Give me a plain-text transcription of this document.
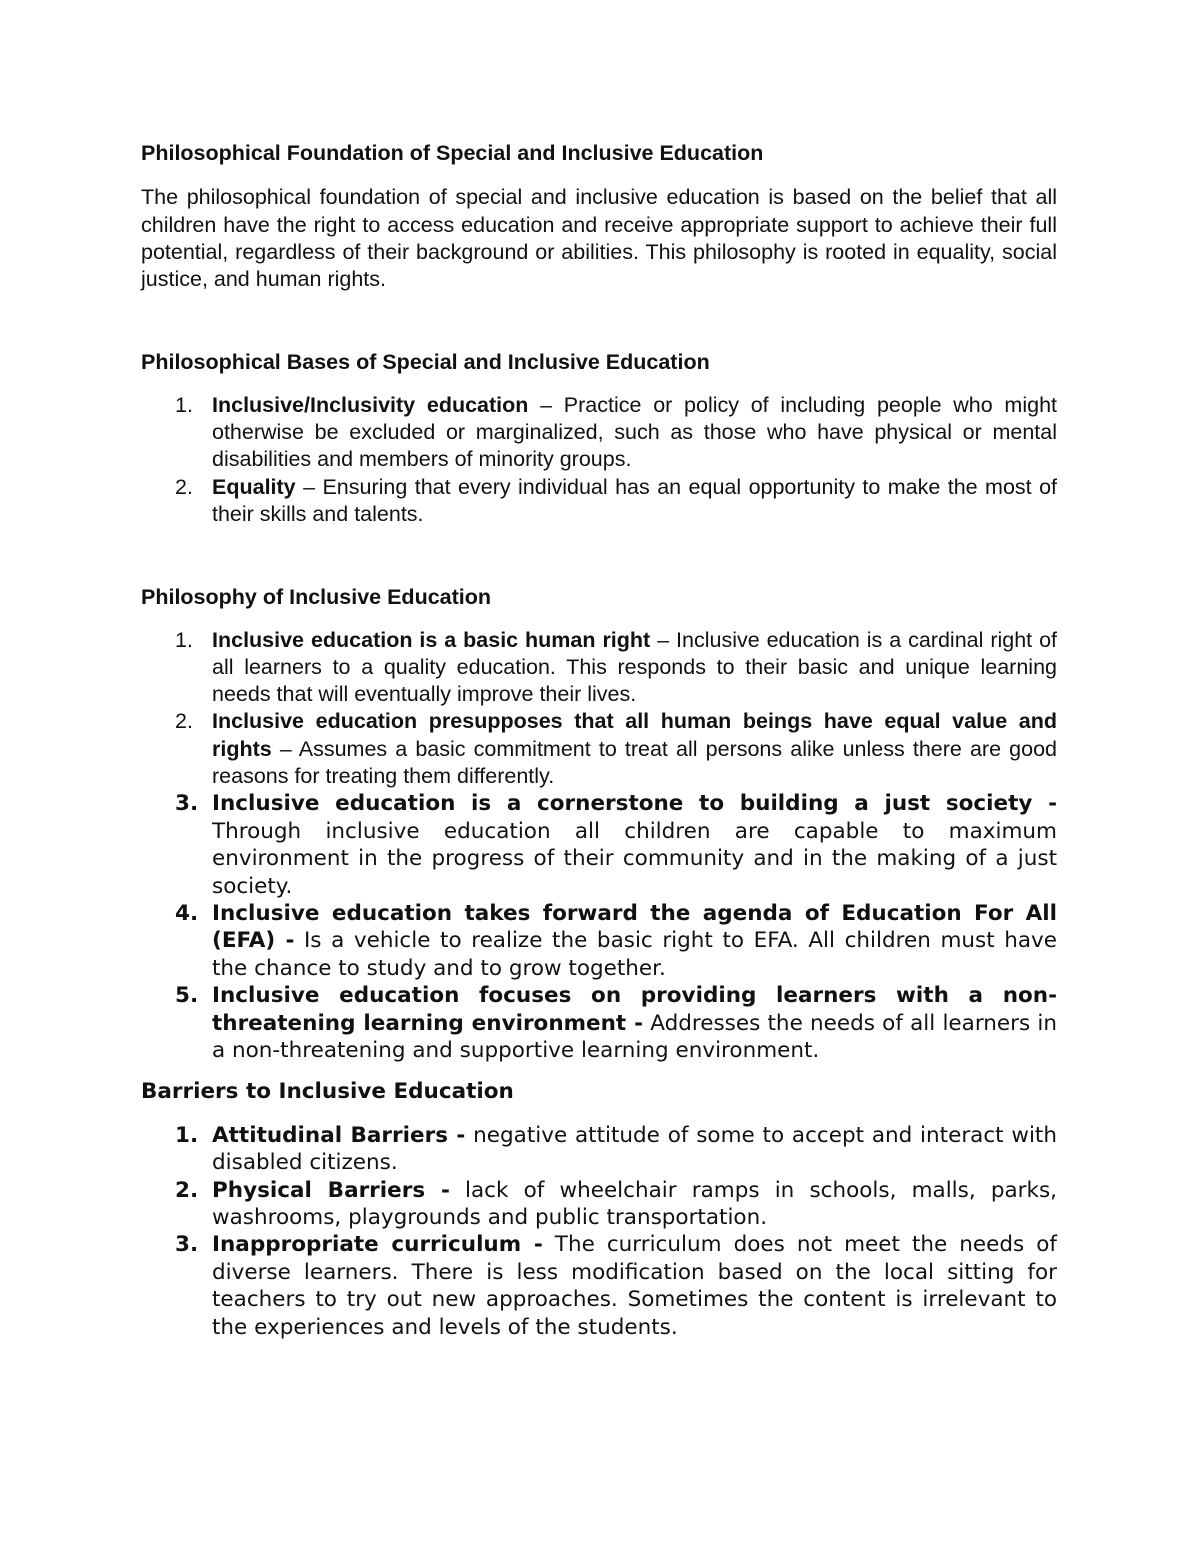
Philosophical Foundation of Special and Inclusive Education

The philosophical foundation of special and inclusive education is based on the belief that all children have the right to access education and receive appropriate support to achieve their full potential, regardless of their background or abilities. This philosophy is rooted in equality, social justice, and human rights.

Philosophical Bases of Special and Inclusive Education
1. Inclusive/Inclusivity education – Practice or policy of including people who might otherwise be excluded or marginalized, such as those who have physical or mental disabilities and members of minority groups.
2. Equality – Ensuring that every individual has an equal opportunity to make the most of their skills and talents.
Philosophy of Inclusive Education
1. Inclusive education is a basic human right – Inclusive education is a cardinal right of all learners to a quality education. This responds to their basic and unique learning needs that will eventually improve their lives.
2. Inclusive education presupposes that all human beings have equal value and rights – Assumes a basic commitment to treat all persons alike unless there are good reasons for treating them differently.
3. Inclusive education is a cornerstone to building a just society - Through inclusive education all children are capable to maximum environment in the progress of their community and in the making of a just society.
4. Inclusive education takes forward the agenda of Education For All (EFA) - Is a vehicle to realize the basic right to EFA. All children must have the chance to study and to grow together.
5. Inclusive education focuses on providing learners with a non-threatening learning environment - Addresses the needs of all learners in a non-threatening and supportive learning environment.
Barriers to Inclusive Education
1. Attitudinal Barriers - negative attitude of some to accept and interact with disabled citizens.
2. Physical Barriers - lack of wheelchair ramps in schools, malls, parks, washrooms, playgrounds and public transportation.
3. Inappropriate curriculum - The curriculum does not meet the needs of diverse learners. There is less modification based on the local sitting for teachers to try out new approaches. Sometimes the content is irrelevant to the experiences and levels of the students.
